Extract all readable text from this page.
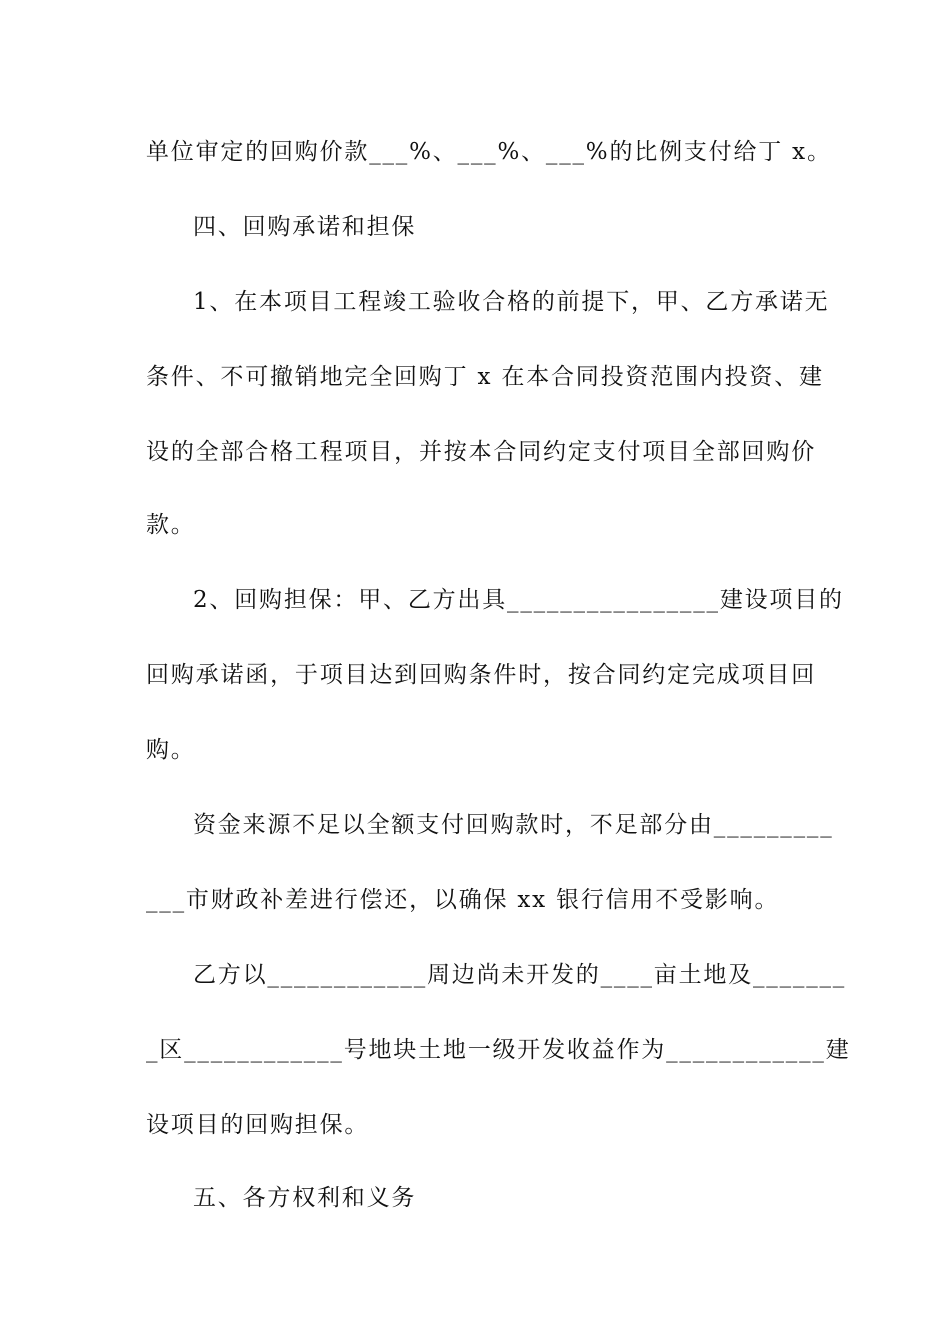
单位审定的回购价款___%、___%、___%的比例支付给丁 x。
四、回购承诺和担保
1、在本项目工程竣工验收合格的前提下，甲、乙方承诺无
条件、不可撤销地完全回购丁 x 在本合同投资范围内投资、建
设的全部合格工程项目，并按本合同约定支付项目全部回购价
款。
2、回购担保：甲、乙方出具________________建设项目的
回购承诺函，于项目达到回购条件时，按合同约定完成项目回
购。
资金来源不足以全额支付回购款时，不足部分由_________
___市财政补差进行偿还，以确保 xx 银行信用不受影响。
乙方以____________周边尚未开发的____亩土地及_______
_区____________号地块土地一级开发收益作为____________建
设项目的回购担保。
五、各方权利和义务
